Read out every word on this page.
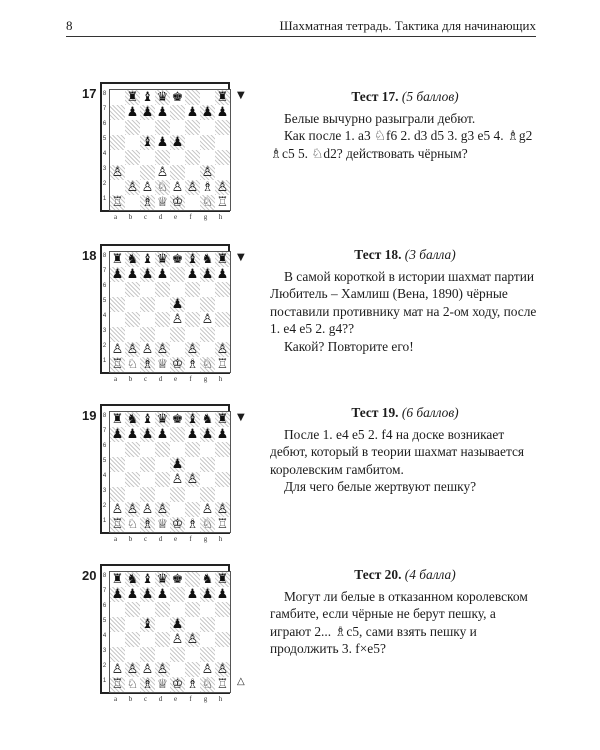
8	Шахматная тетрадь. Тактика для начинающих
17 ♜ ♝ ♛ ♚	♜
♟ ♟ ♟ ♟ ♟ ♟
♝ ♟ ♟
♙	♙	♙
♙ ♙ ♘ ♙ ♙ ♗ ♙
♖ ♗ ♕ ♔ ♘ ♖
8
7
6
5
4
3
2
1
a	b	c	d	e	f	g	h
▼	Тест 17. (5 баллов)

Белые вычурно разыграли дебют.

Как после 1. a3 ♘f6 2. d3 d5 3. g3 e5 4. ♗g2 ♗c5 5. ♘d2? действовать чёрным?

18 ♜ ♞ ♝ ♛ ♚ ♝ ♞ ♜
♟ ♟ ♟ ♟ ♟ ♟ ♟
♟
♙ ♙
♙ ♙ ♙ ♙ ♙ ♙
♖ ♘ ♗ ♕ ♔ ♗ ♘ ♖
8
7
6
5
4
3
2
1
a	b	c	d	e	f	g	h
▼	Тест 18. (3 балла)

В самой короткой в истории шахмат партии Любитель – Хамлиш (Вена, 1890) чёрные поставили противнику мат на 2-ом ходу, после 1. e4 e5 2. g4??

Какой? Повторите его!

19 ♜ ♞ ♝ ♛ ♚ ♝ ♞ ♜
♟ ♟ ♟ ♟ ♟ ♟ ♟
♟
♙ ♙
♙ ♙ ♙ ♙	♙ ♙
♖ ♘ ♗ ♕ ♔ ♗ ♘ ♖
8
7
6
5
4
3
2
1
a	b	c	d	e	f	g	h
▼	Тест 19. (6 баллов)

После 1. e4 e5 2. f4 на доске возникает дебют, который в теории шахмат называется королевским гамбитом.

Для чего белые жертвуют пешку?

20 ♜ ♞ ♝ ♛ ♚ ♞ ♜
♟ ♟ ♟ ♟ ♟ ♟ ♟
♝ ♟
♙ ♙
♙ ♙ ♙ ♙	♙ ♙
♖ ♘ ♗ ♕ ♔ ♗ ♘ ♖
8
7
6
5
4
3
2
1
a	b	c	d	e	f	g	h
△
Тест 20. (4 балла)

Могут ли белые в отказанном королевском гамбите, если чёрные не берут пешку, а играют 2... ♗c5, сами взять пешку и продолжить 3. f×e5?
